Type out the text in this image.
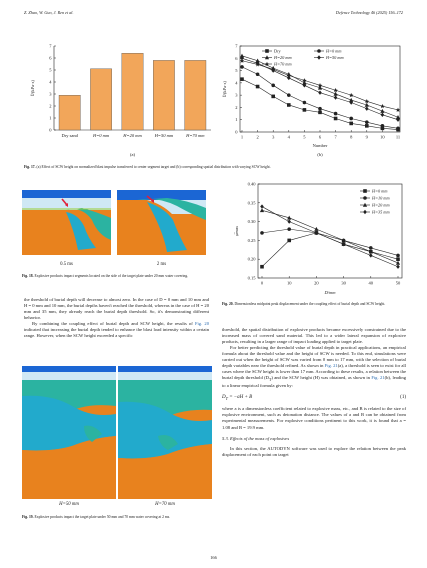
Z. Zhao, W. Guo, J. Ren et al.	Defence Technology 46 (2025) 156–172
0
1
2
3
4
5
6
7
Dry sand	H=0 mm	H=20 mm	H=50 mm	H=70 mm
Ī/(kPa·s)
(a)
0
1
2
3
4
5
6
7
1	2	3	4	5	6	7	8	9	10 11
Dry
H=20 mm
H=70 mm
H=0 mm
H=50 mm
Ī/(kPa·s)
Number
(b)
Fig. 17. (a) Effect of SCW height on normalized blast impulse transferred to center segment target and (b) corresponding spatial distribution with varying SCW height.
0.5 ms	2 ms
Fig. 18. Explosive products impact segments located on the side of the target plate under 20 mm water covering.	0.15
0.20
0.25
0.30
0.35
0.40
0	10	20	30	40	50
H=0 mm
H=10 mm
H=20 mm
H=35 mm
φ̅max
D/mm
Fig. 20. Dimensionless midpoint peak displacement under the coupling effect of burial depth and SCW height.

the threshold of burial depth will decrease to almost zero. In the case of D = 0 mm and 10 mm and H = 0 mm and 10 mm, the burial depths haven't reached the threshold, whereas in the case of H = 20 mm and 35 mm, they already reach the burial depth threshold. So, it's demonstrating different behavior.

By combining the coupling effect of burial depth and SCW height, the results of Fig. 20 indicated that increasing the burial depth tended to enhance the blast load intensity within a certain range. However, when the SCW height exceeded a specific

H=50 mm	H=70 mm
Fig. 19. Explosive products impact the target plate under 50 mm and 70 mm water covering at 2 ms.

threshold, the spatial distribution of explosive products became excessively constrained due to the increased mass of covered sand material. This led to a wider lateral expansion of explosive products, resulting in a larger range of impact loading applied to target plate.

For better predicting the threshold value of burial depth in practical applications, an empirical formula about the threshold value and the height of SCW is needed. To this end, simulations were carried out when the height of SCW was varied from 0 mm to 17 mm, with the selection of burial depth variables near the threshold refined. As shown in Fig. 21(a), a threshold is seen to exist for all cases where the SCW height is lower than 17 mm. According to these results, a relation between the burial depth threshold $(D_T)$ and the SCW height (H) was obtained, as shown in Fig. 21(b), leading to a linear empirical formula given by:

$D_T = -aH + B$	(1)

where a is a dimensionless coefficient related to explosive mass, etc., and B is related to the size of explosive environment, such as detonation distance. The values of a and B can be obtained from experimental measurements. For explosive conditions pertinent to this work, it is found that a = 1.08 and B = 19.9 mm.

5.3. Effects of the mass of explosives

In this section, the AUTODYN software was used to explore the relation between the peak displacement of each point on target

166
